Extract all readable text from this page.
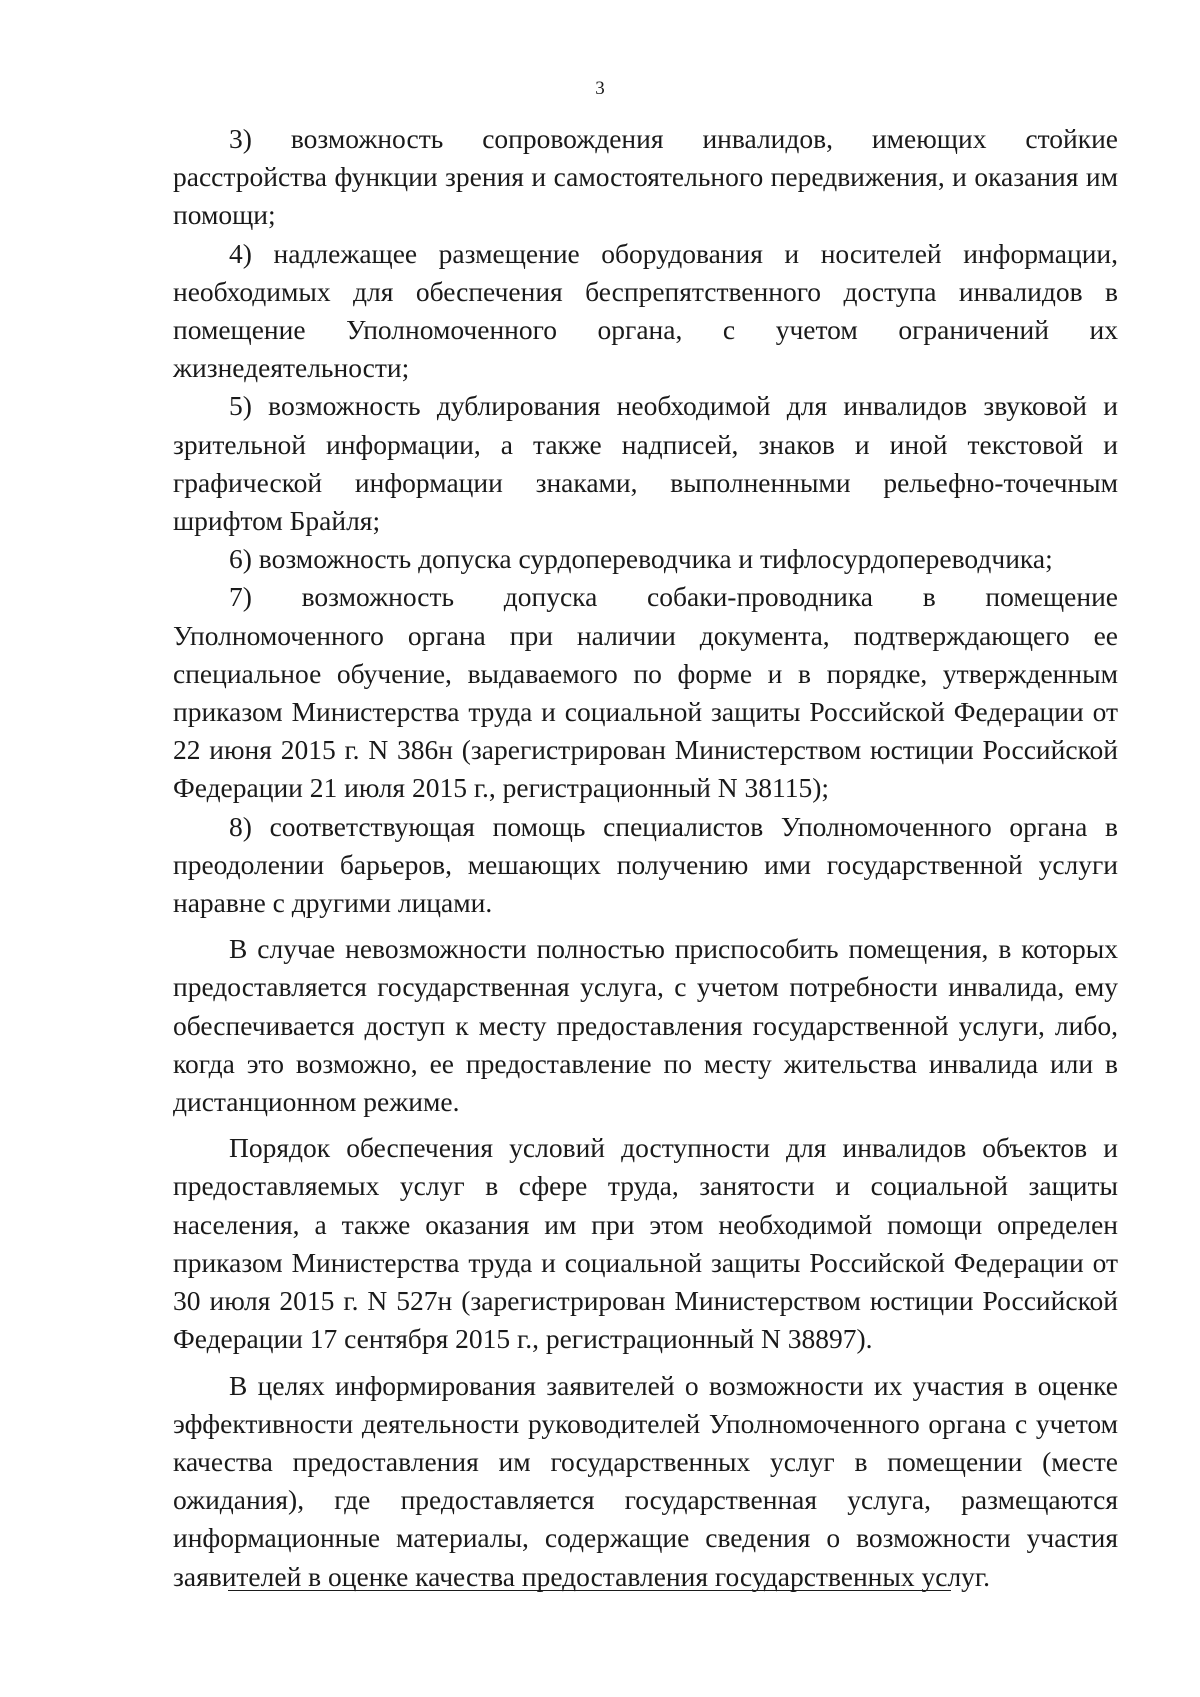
3

3) возможность сопровождения инвалидов, имеющих стойкие расстройства функции зрения и самостоятельного передвижения, и оказания им помощи;

4) надлежащее размещение оборудования и носителей информации, необходимых для обеспечения беспрепятственного доступа инвалидов в помещение Уполномоченного органа, с учетом ограничений их жизнедеятельности;

5) возможность дублирования необходимой для инвалидов звуковой и зрительной информации, а также надписей, знаков и иной текстовой и графической информации знаками, выполненными рельефно-точечным шрифтом Брайля;

6) возможность допуска сурдопереводчика и тифлосурдопереводчика;

7) возможность допуска собаки-проводника в помещение Уполномоченного органа при наличии документа, подтверждающего ее специальное обучение, выдаваемого по форме и в порядке, утвержденным приказом Министерства труда и социальной защиты Российской Федерации от 22 июня 2015 г. N 386н (зарегистрирован Министерством юстиции Российской Федерации 21 июля 2015 г., регистрационный N 38115);

8) соответствующая помощь специалистов Уполномоченного органа в преодолении барьеров, мешающих получению ими государственной услуги наравне с другими лицами.

В случае невозможности полностью приспособить помещения, в которых предоставляется государственная услуга, с учетом потребности инвалида, ему обеспечивается доступ к месту предоставления государственной услуги, либо, когда это возможно, ее предоставление по месту жительства инвалида или в дистанционном режиме.

Порядок обеспечения условий доступности для инвалидов объектов и предоставляемых услуг в сфере труда, занятости и социальной защиты населения, а также оказания им при этом необходимой помощи определен приказом Министерства труда и социальной защиты Российской Федерации от 30 июля 2015 г. N 527н (зарегистрирован Министерством юстиции Российской Федерации 17 сентября 2015 г., регистрационный N 38897).

В целях информирования заявителей о возможности их участия в оценке эффективности деятельности руководителей Уполномоченного органа с учетом качества предоставления им государственных услуг в помещении (месте ожидания), где предоставляется государственная услуга, размещаются информационные материалы, содержащие сведения о возможности участия заявителей в оценке качества предоставления государственных услуг.
